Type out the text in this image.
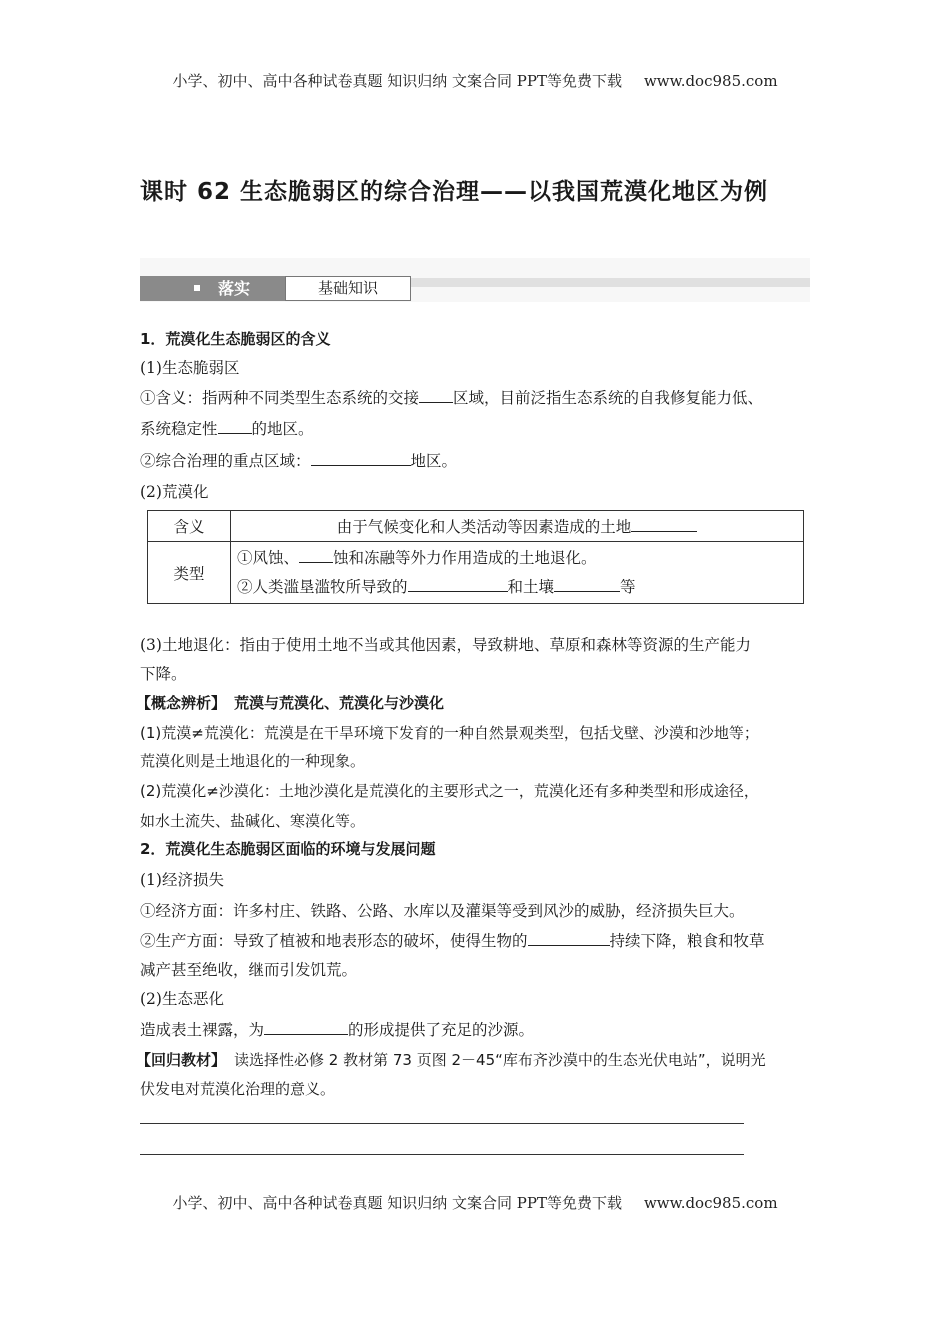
小学、初中、高中各种试卷真题 知识归纳 文案合同 PPT等免费下载 www.doc985.com
课时 62 生态脆弱区的综合治理——以我国荒漠化地区为例
落实	基础知识
1．荒漠化生态脆弱区的含义
(1)生态脆弱区
①含义：指两种不同类型生态系统的交接 区域，目前泛指生态系统的自我修复能力低、
系统稳定性 的地区。
②综合治理的重点区域：	地区。
(2)荒漠化
含义	由于气候变化和人类活动等因素造成的土地
类型	①风蚀、 蚀和冻融等外力作用造成的土地退化。
②人类滥垦滥牧所导致的 和土壤 等
(3)土地退化：指由于使用土地不当或其他因素，导致耕地、草原和森林等资源的生产能力
下降。
【概念辨析】 荒漠与荒漠化、荒漠化与沙漠化
(1)荒漠≠荒漠化：荒漠是在干旱环境下发育的一种自然景观类型，包括戈壁、沙漠和沙地等；
荒漠化则是土地退化的一种现象。
(2)荒漠化≠沙漠化：土地沙漠化是荒漠化的主要形式之一，荒漠化还有多种类型和形成途径，
如水土流失、盐碱化、寒漠化等。
2．荒漠化生态脆弱区面临的环境与发展问题
(1)经济损失
①经济方面：许多村庄、铁路、公路、水库以及灌渠等受到风沙的威胁，经济损失巨大。
②生产方面：导致了植被和地表形态的破坏，使得生物的	持续下降，粮食和牧草
减产甚至绝收，继而引发饥荒。
(2)生态恶化
造成表土裸露，为	的形成提供了充足的沙源。
【回归教材】 读选择性必修 2 教材第 73 页图 2－45“库布齐沙漠中的生态光伏电站”，说明光
伏发电对荒漠化治理的意义。
小学、初中、高中各种试卷真题 知识归纳 文案合同 PPT等免费下载 www.doc985.com
